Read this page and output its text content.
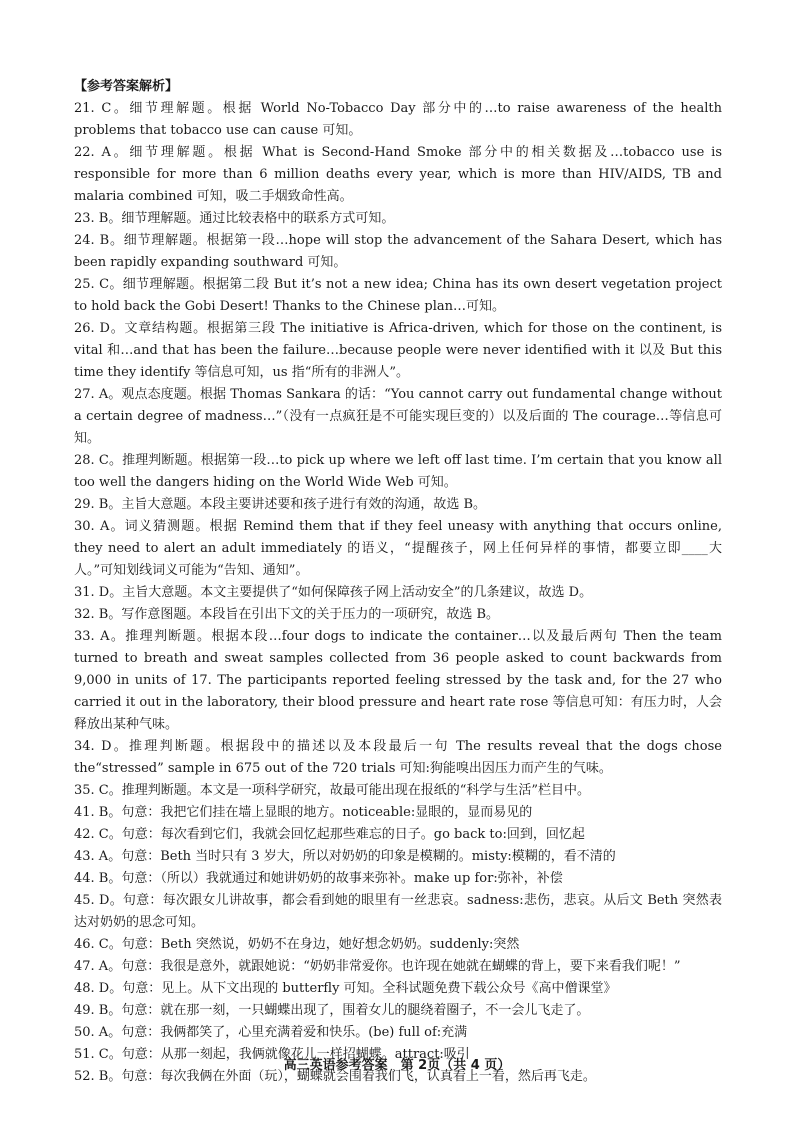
【参考答案解析】

21. C。细节理解题。根据 World No-Tobacco Day 部分中的…to raise awareness of the health problems that tobacco use can cause 可知。

22. A。细节理解题。根据 What is Second-Hand Smoke 部分中的相关数据及…tobacco use is responsible for more than 6 million deaths every year, which is more than HIV/AIDS, TB and malaria combined 可知，吸二手烟致命性高。

23. B。细节理解题。通过比较表格中的联系方式可知。

24. B。细节理解题。根据第一段…hope will stop the advancement of the Sahara Desert, which has been rapidly expanding southward 可知。

25. C。细节理解题。根据第二段 But it’s not a new idea; China has its own desert vegetation project to hold back the Gobi Desert! Thanks to the Chinese plan…可知。

26. D。文章结构题。根据第三段 The initiative is Africa-driven, which for those on the continent, is vital 和…and that has been the failure…because people were never identified with it 以及 But this time they identify 等信息可知，us 指“所有的非洲人”。

27. A。观点态度题。根据 Thomas Sankara 的话：“You cannot carry out fundamental change without a certain degree of madness…”（没有一点疯狂是不可能实现巨变的）以及后面的 The courage…等信息可知。

28. C。推理判断题。根据第一段…to pick up where we left off last time. I’m certain that you know all too well the dangers hiding on the World Wide Web 可知。

29. B。主旨大意题。本段主要讲述要和孩子进行有效的沟通，故选 B。

30. A。词义猜测题。根据 Remind them that if they feel uneasy with anything that occurs online, they need to alert an adult immediately 的语义，“提醒孩子，网上任何异样的事情，都要立即____大人。”可知划线词义可能为“告知、通知”。

31. D。主旨大意题。本文主要提供了“如何保障孩子网上活动安全”的几条建议，故选 D。

32. B。写作意图题。本段旨在引出下文的关于压力的一项研究，故选 B。

33. A。推理判断题。根据本段…four dogs to indicate the container…以及最后两句 Then the team turned to breath and sweat samples collected from 36 people asked to count backwards from 9,000 in units of 17. The participants reported feeling stressed by the task and, for the 27 who carried it out in the laboratory, their blood pressure and heart rate rose 等信息可知：有压力时，人会释放出某种气味。

34. D。推理判断题。根据段中的描述以及本段最后一句 The results reveal that the dogs chose the“stressed” sample in 675 out of the 720 trials 可知:狗能嗅出因压力而产生的气味。

35. C。推理判断题。本文是一项科学研究，故最可能出现在报纸的“科学与生活”栏目中。

41. B。句意：我把它们挂在墙上显眼的地方。noticeable:显眼的，显而易见的

42. C。句意：每次看到它们，我就会回忆起那些难忘的日子。go back to:回到，回忆起

43. A。句意：Beth 当时只有 3 岁大，所以对奶奶的印象是模糊的。misty:模糊的，看不清的

44. B。句意：（所以）我就通过和她讲奶奶的故事来弥补。make up for:弥补，补偿

45. D。句意：每次跟女儿讲故事，都会看到她的眼里有一丝悲哀。sadness:悲伤，悲哀。从后文 Beth 突然表达对奶奶的思念可知。

46. C。句意：Beth 突然说，奶奶不在身边，她好想念奶奶。suddenly:突然

47. A。句意：我很是意外，就跟她说：“奶奶非常爱你。也许现在她就在蝴蝶的背上，要下来看我们呢！”

48. D。句意：见上。从下文出现的 butterfly 可知。全科试题免费下载公众号《高中僧课堂》

49. B。句意：就在那一刻，一只蝴蝶出现了，围着女儿的腿绕着圈子，不一会儿飞走了。

50. A。句意：我俩都笑了，心里充满着爱和快乐。(be) full of:充满

51. C。句意：从那一刻起，我俩就像花儿一样招蝴蝶。attract:吸引

52. B。句意：每次我俩在外面（玩），蝴蝶就会围着我们飞，认真看上一看，然后再飞走。

高三英语参考答案　第 2页（共 4 页）
